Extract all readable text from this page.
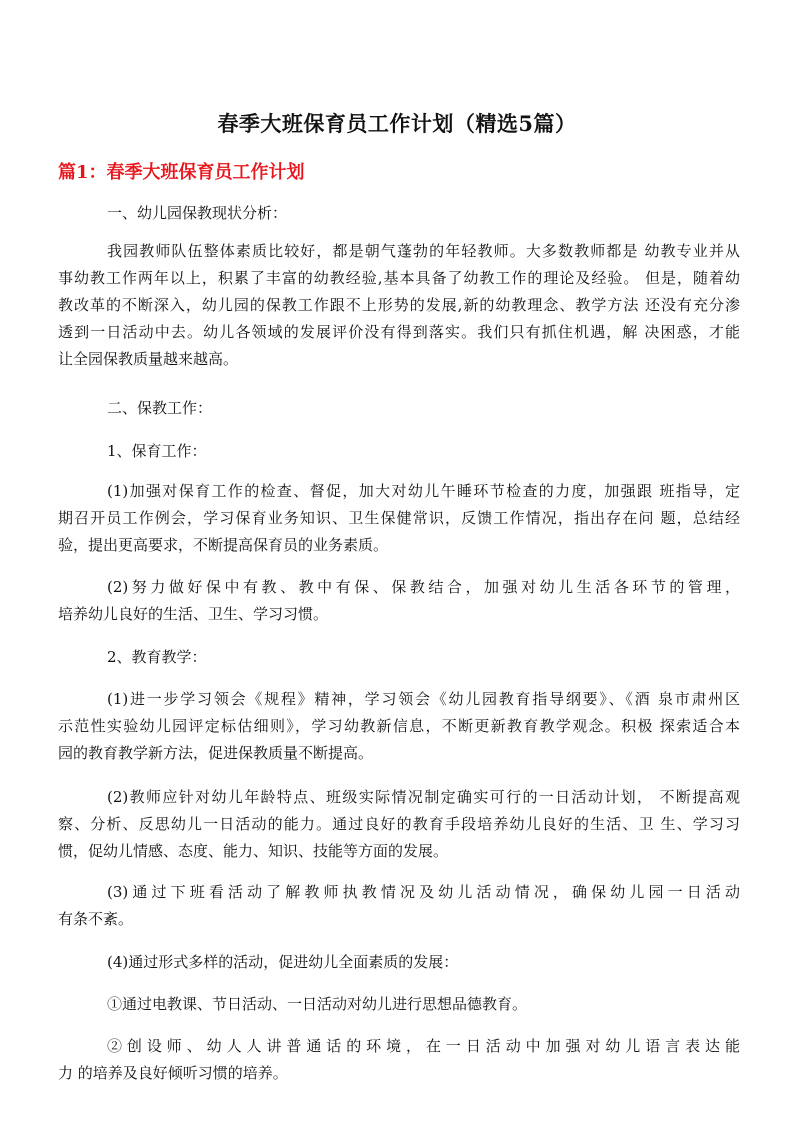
春季大班保育员工作计划（精选5篇）
篇1：春季大班保育员工作计划
一、幼儿园保教现状分析：
我园教师队伍整体素质比较好，都是朝气蓬勃的年轻教师。大多数教师都是 幼教专业并从
事幼教工作两年以上，积累了丰富的幼教经验,基本具备了幼教工作的理论及经验。 但是，随着幼
教改革的不断深入，幼儿园的保教工作跟不上形势的发展,新的幼教理念、教学方法 还没有充分渗
透到一日活动中去。幼儿各领域的发展评价没有得到落实。我们只有抓住机遇，解 决困惑，才能
让全园保教质量越来越高。
二、保教工作：
1、保育工作：
(1)加强对保育工作的检查、督促，加大对幼儿午睡环节检查的力度，加强跟 班指导，定
期召开员工作例会，学习保育业务知识、卫生保健常识，反馈工作情况，指出存在问 题，总结经
验，提出更高要求，不断提高保育员的业务素质。
(2)努力做好保中有教、教中有保、保教结合，加强对幼儿生活各环节的管理，
培养幼儿良好的生活、卫生、学习习惯。
2、教育教学：
(1)进一步学习领会《规程》精神，学习领会《幼儿园教育指导纲要》、《酒 泉市肃州区
示范性实验幼儿园评定标估细则》，学习幼教新信息，不断更新教育教学观念。积极 探索适合本
园的教育教学新方法，促进保教质量不断提高。
(2)教师应针对幼儿年龄特点、班级实际情况制定确实可行的一日活动计划， 不断提高观
察、分析、反思幼儿一日活动的能力。通过良好的教育手段培养幼儿良好的生活、卫 生、学习习
惯，促幼儿情感、态度、能力、知识、技能等方面的发展。
(3)通过下班看活动了解教师执教情况及幼儿活动情况，确保幼儿园一日活动
有条不紊。
(4)通过形式多样的活动，促进幼儿全面素质的发展：
①通过电教课、节日活动、一日活动对幼儿进行思想品德教育。
②创设师、幼人人讲普通话的环境，在一日活动中加强对幼儿语言表达能
力 的培养及良好倾听习惯的培养。
